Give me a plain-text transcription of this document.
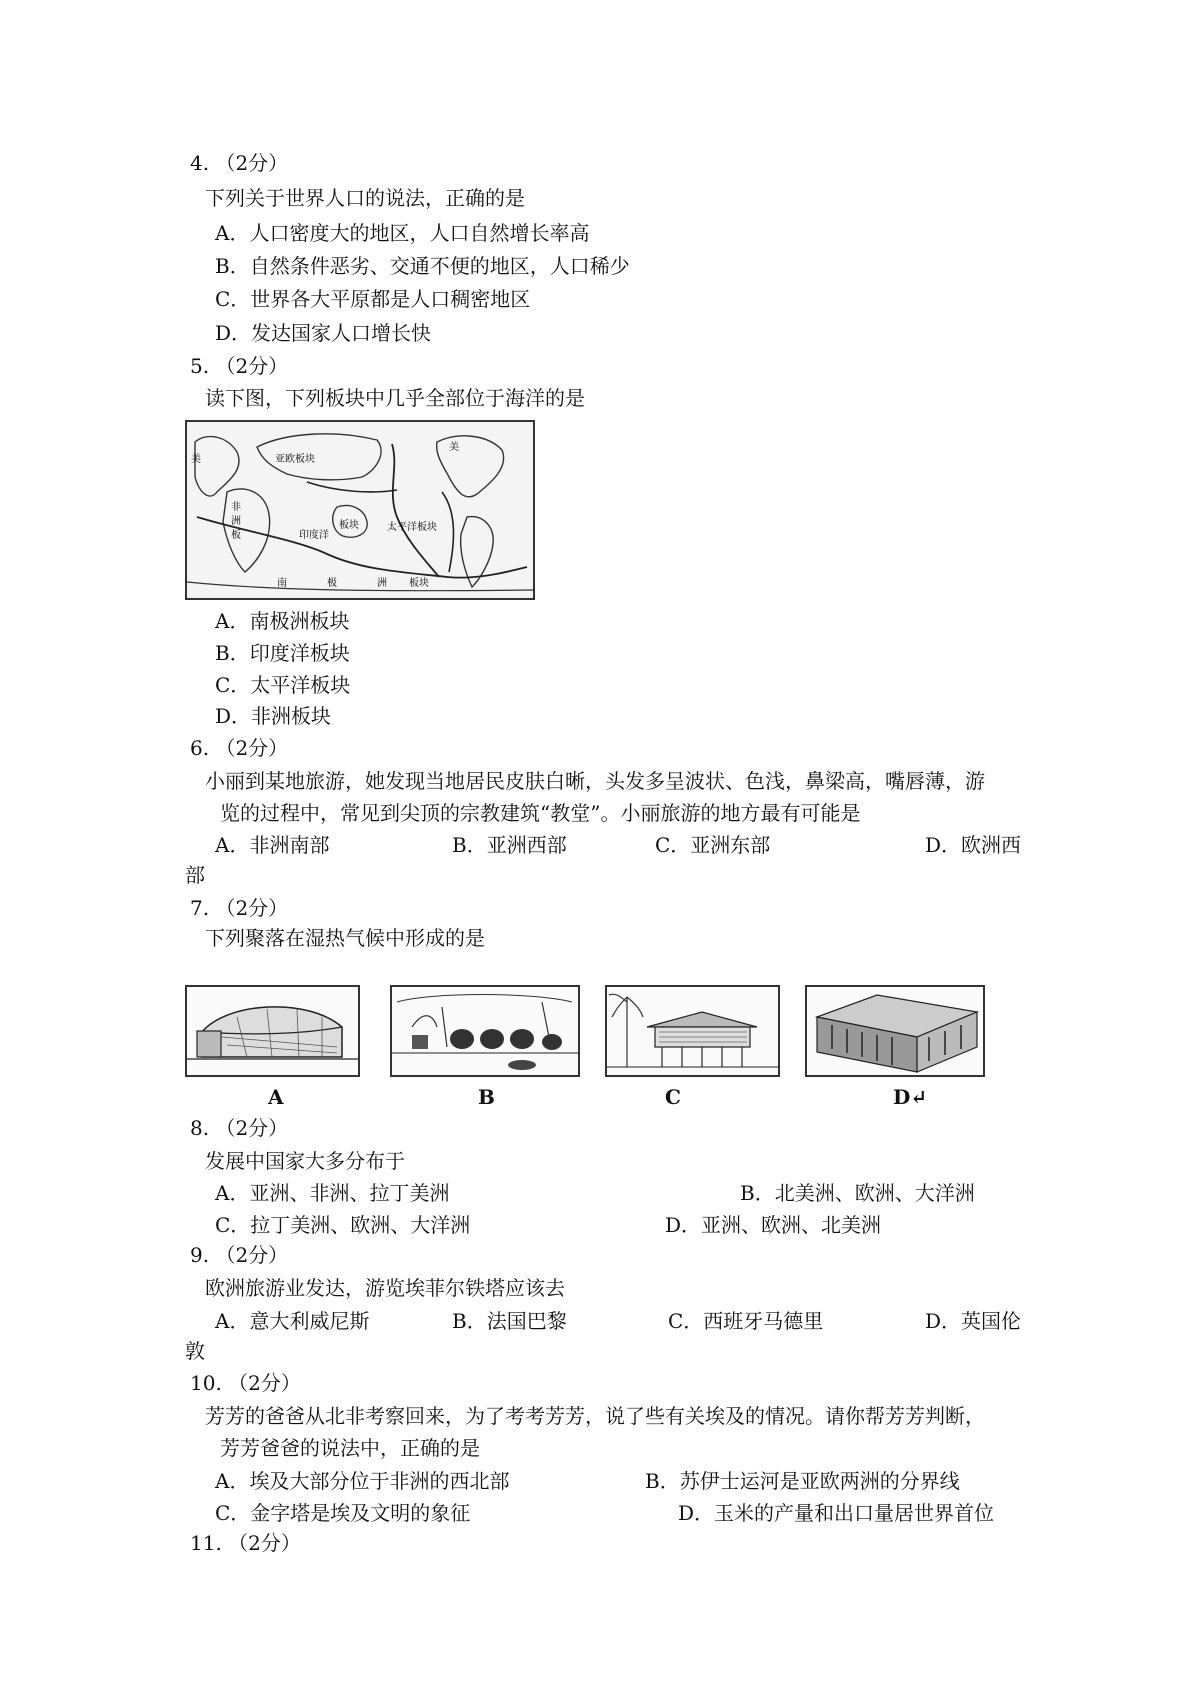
4. （2分）
下列关于世界人口的说法，正确的是
A．人口密度大的地区，人口自然增长率高
B．自然条件恶劣、交通不便的地区，人口稀少
C．世界各大平原都是人口稠密地区
D．发达国家人口增长快
5. （2分）
读下图，下列板块中几乎全部位于海洋的是
亚欧板块
美
美
非
洲
板
太平洋板块
印度洋
板块
南	极	洲 板块
A．南极洲板块
B．印度洋板块
C．太平洋板块
D．非洲板块
6. （2分）
小丽到某地旅游，她发现当地居民皮肤白晰，头发多呈波状、色浅，鼻梁高，嘴唇薄，游
览的过程中，常见到尖顶的宗教建筑“教堂”。小丽旅游的地方最有可能是
A．非洲南部	B．亚洲西部	C．亚洲东部	D．欧洲西
部
7. （2分）
下列聚落在湿热气候中形成的是
A	B	C	D↵
8. （2分）
发展中国家大多分布于
A．亚洲、非洲、拉丁美洲	B．北美洲、欧洲、大洋洲
C．拉丁美洲、欧洲、大洋洲	D．亚洲、欧洲、北美洲
9. （2分）
欧洲旅游业发达，游览埃菲尔铁塔应该去
A．意大利威尼斯	B．法国巴黎	C．西班牙马德里	D．英国伦
敦
10. （2分）
芳芳的爸爸从北非考察回来，为了考考芳芳，说了些有关埃及的情况。请你帮芳芳判断，
芳芳爸爸的说法中，正确的是
A．埃及大部分位于非洲的西北部	B．苏伊士运河是亚欧两洲的分界线
C．金字塔是埃及文明的象征	D．玉米的产量和出口量居世界首位
11. （2分）
